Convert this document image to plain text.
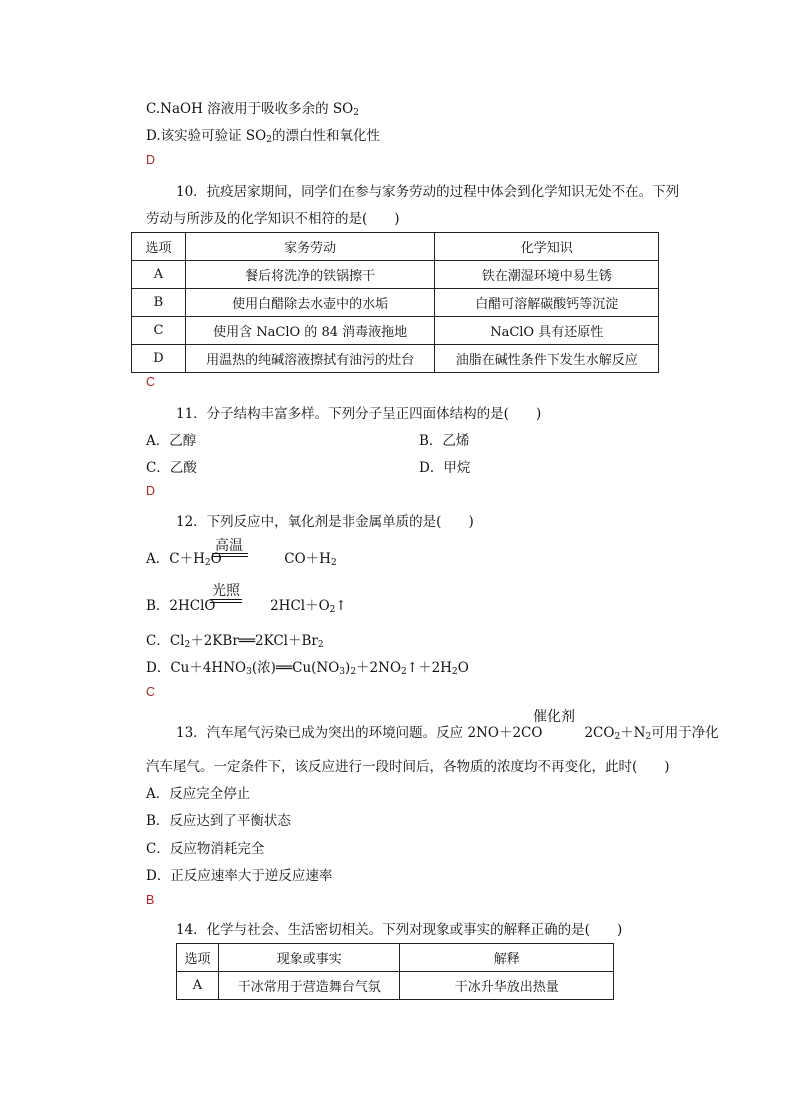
C.NaOH 溶液用于吸收多余的 $SO_2$
D.该实验可验证 $SO_2$的漂白性和氧化性
D
10．抗疫居家期间，同学们在参与家务劳动的过程中体会到化学知识无处不在。下列
劳动与所涉及的化学知识不相符的是(　　)
选项	家务劳动	化学知识
A	餐后将洗净的铁锅擦干	铁在潮湿环境中易生锈
B	使用白醋除去水壶中的水垢	白醋可溶解碳酸钙等沉淀
C	使用含 NaClO 的 84 消毒液拖地	NaClO 具有还原性
D	用温热的纯碱溶液擦拭有油污的灶台	油脂在碱性条件下发生水解反应
C
11．分子结构丰富多样。下列分子呈正四面体结构的是(　　)
A．乙醇	B．乙烯
C．乙酸	D．甲烷
D
12．下列反应中，氧化剂是非金属单质的是(　　)
A．$C+H_2O$	$CO+H_2$
高温
B．2HClO	$2HCl+O_2↑$
光照
C．$Cl_2+2KBr══2KCl+Br_2$
D．$Cu+4HNO_3$(浓)$══Cu(NO_3)_2+2NO_2↑+2H_2O$
C
催化剂
13．汽车尾气污染已成为突出的环境问题。反应 2NO＋2CO	$2CO_2+N_2$可用于净化
汽车尾气。一定条件下，该反应进行一段时间后，各物质的浓度均不再变化，此时(　　)
A．反应完全停止
B．反应达到了平衡状态
C．反应物消耗完全
D．正反应速率大于逆反应速率
B
14．化学与社会、生活密切相关。下列对现象或事实的解释正确的是(　　)
选项	现象或事实	解释
A	干冰常用于营造舞台气氛	干冰升华放出热量
